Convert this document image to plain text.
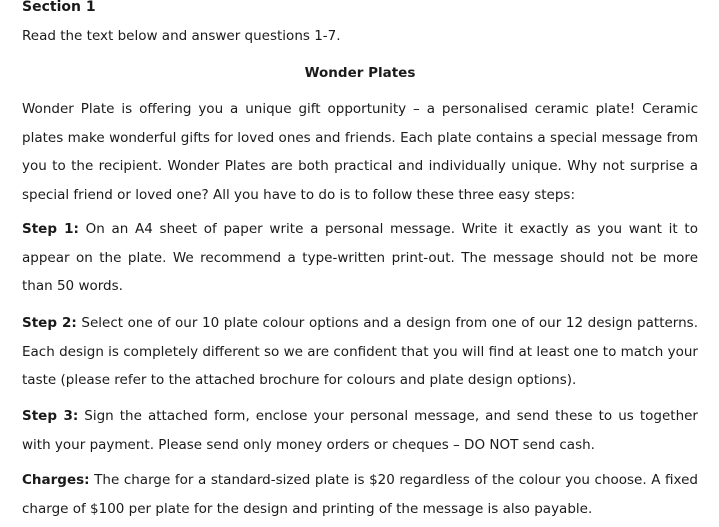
Section 1

Read the text below and answer questions 1-7.

Wonder Plates

Wonder Plate is offering you a unique gift opportunity – a personalised ceramic plate! Ceramic plates make wonderful gifts for loved ones and friends. Each plate contains a special message from you to the recipient. Wonder Plates are both practical and individually unique. Why not surprise a special friend or loved one? All you have to do is to follow these three easy steps:

Step 1: On an A4 sheet of paper write a personal message. Write it exactly as you want it to appear on the plate. We recommend a type-written print-out. The message should not be more than 50 words.

Step 2: Select one of our 10 plate colour options and a design from one of our 12 design patterns. Each design is completely different so we are confident that you will find at least one to match your taste (please refer to the attached brochure for colours and plate design options).

Step 3: Sign the attached form, enclose your personal message, and send these to us together with your payment. Please send only money orders or cheques – DO NOT send cash.

Charges: The charge for a standard-sized plate is $20 regardless of the colour you choose. A fixed charge of $100 per plate for the design and printing of the message is also payable.
